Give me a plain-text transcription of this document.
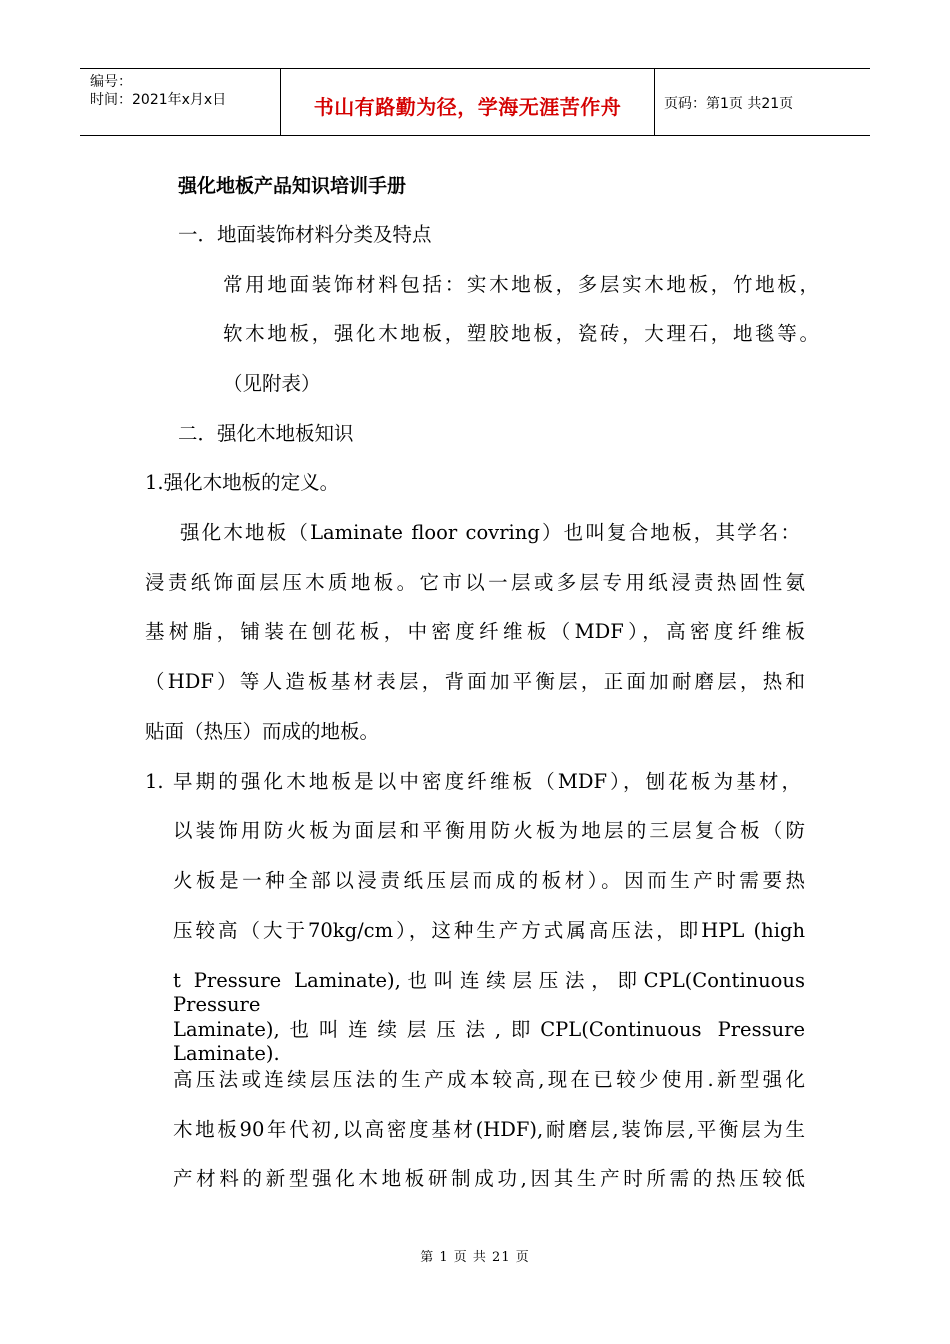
编号：
时间：2021年x月x日	书山有路勤为径，学海无涯苦作舟	页码：第1页 共21页
强化地板产品知识培训手册
一．地面装饰材料分类及特点
常用地面装饰材料包括：实木地板，多层实木地板，竹地板，
软木地板，强化木地板，塑胶地板，瓷砖，大理石，地毯等。
（见附表）
二．强化木地板知识
1.强化木地板的定义。
强化木地板（Laminate floor covring）也叫复合地板，其学名：
浸责纸饰面层压木质地板。它市以一层或多层专用纸浸责热固性氨
基树脂，铺装在刨花板，中密度纤维板（MDF），高密度纤维板
（HDF）等人造板基材表层，背面加平衡层，正面加耐磨层，热和
贴面（热压）而成的地板。
1. 早期的强化木地板是以中密度纤维板（MDF），刨花板为基材，
以装饰用防火板为面层和平衡用防火板为地层的三层复合板（防
火板是一种全部以浸责纸压层而成的板材）。因而生产时需要热
压较高（大于70kg/cm），这种生产方式属高压法，即HPL (high
t Pressure Laminate),也叫连续层压法，即CPL(Continuous Pressure
Laminate),也叫连续层压法,即CPL(Continuous Pressure Laminate).
高压法或连续层压法的生产成本较高,现在已较少使用.新型强化
木地板90年代初,以高密度基材(HDF),耐磨层,装饰层,平衡层为生
产材料的新型强化木地板研制成功,因其生产时所需的热压较低
第 1 页 共 21 页
